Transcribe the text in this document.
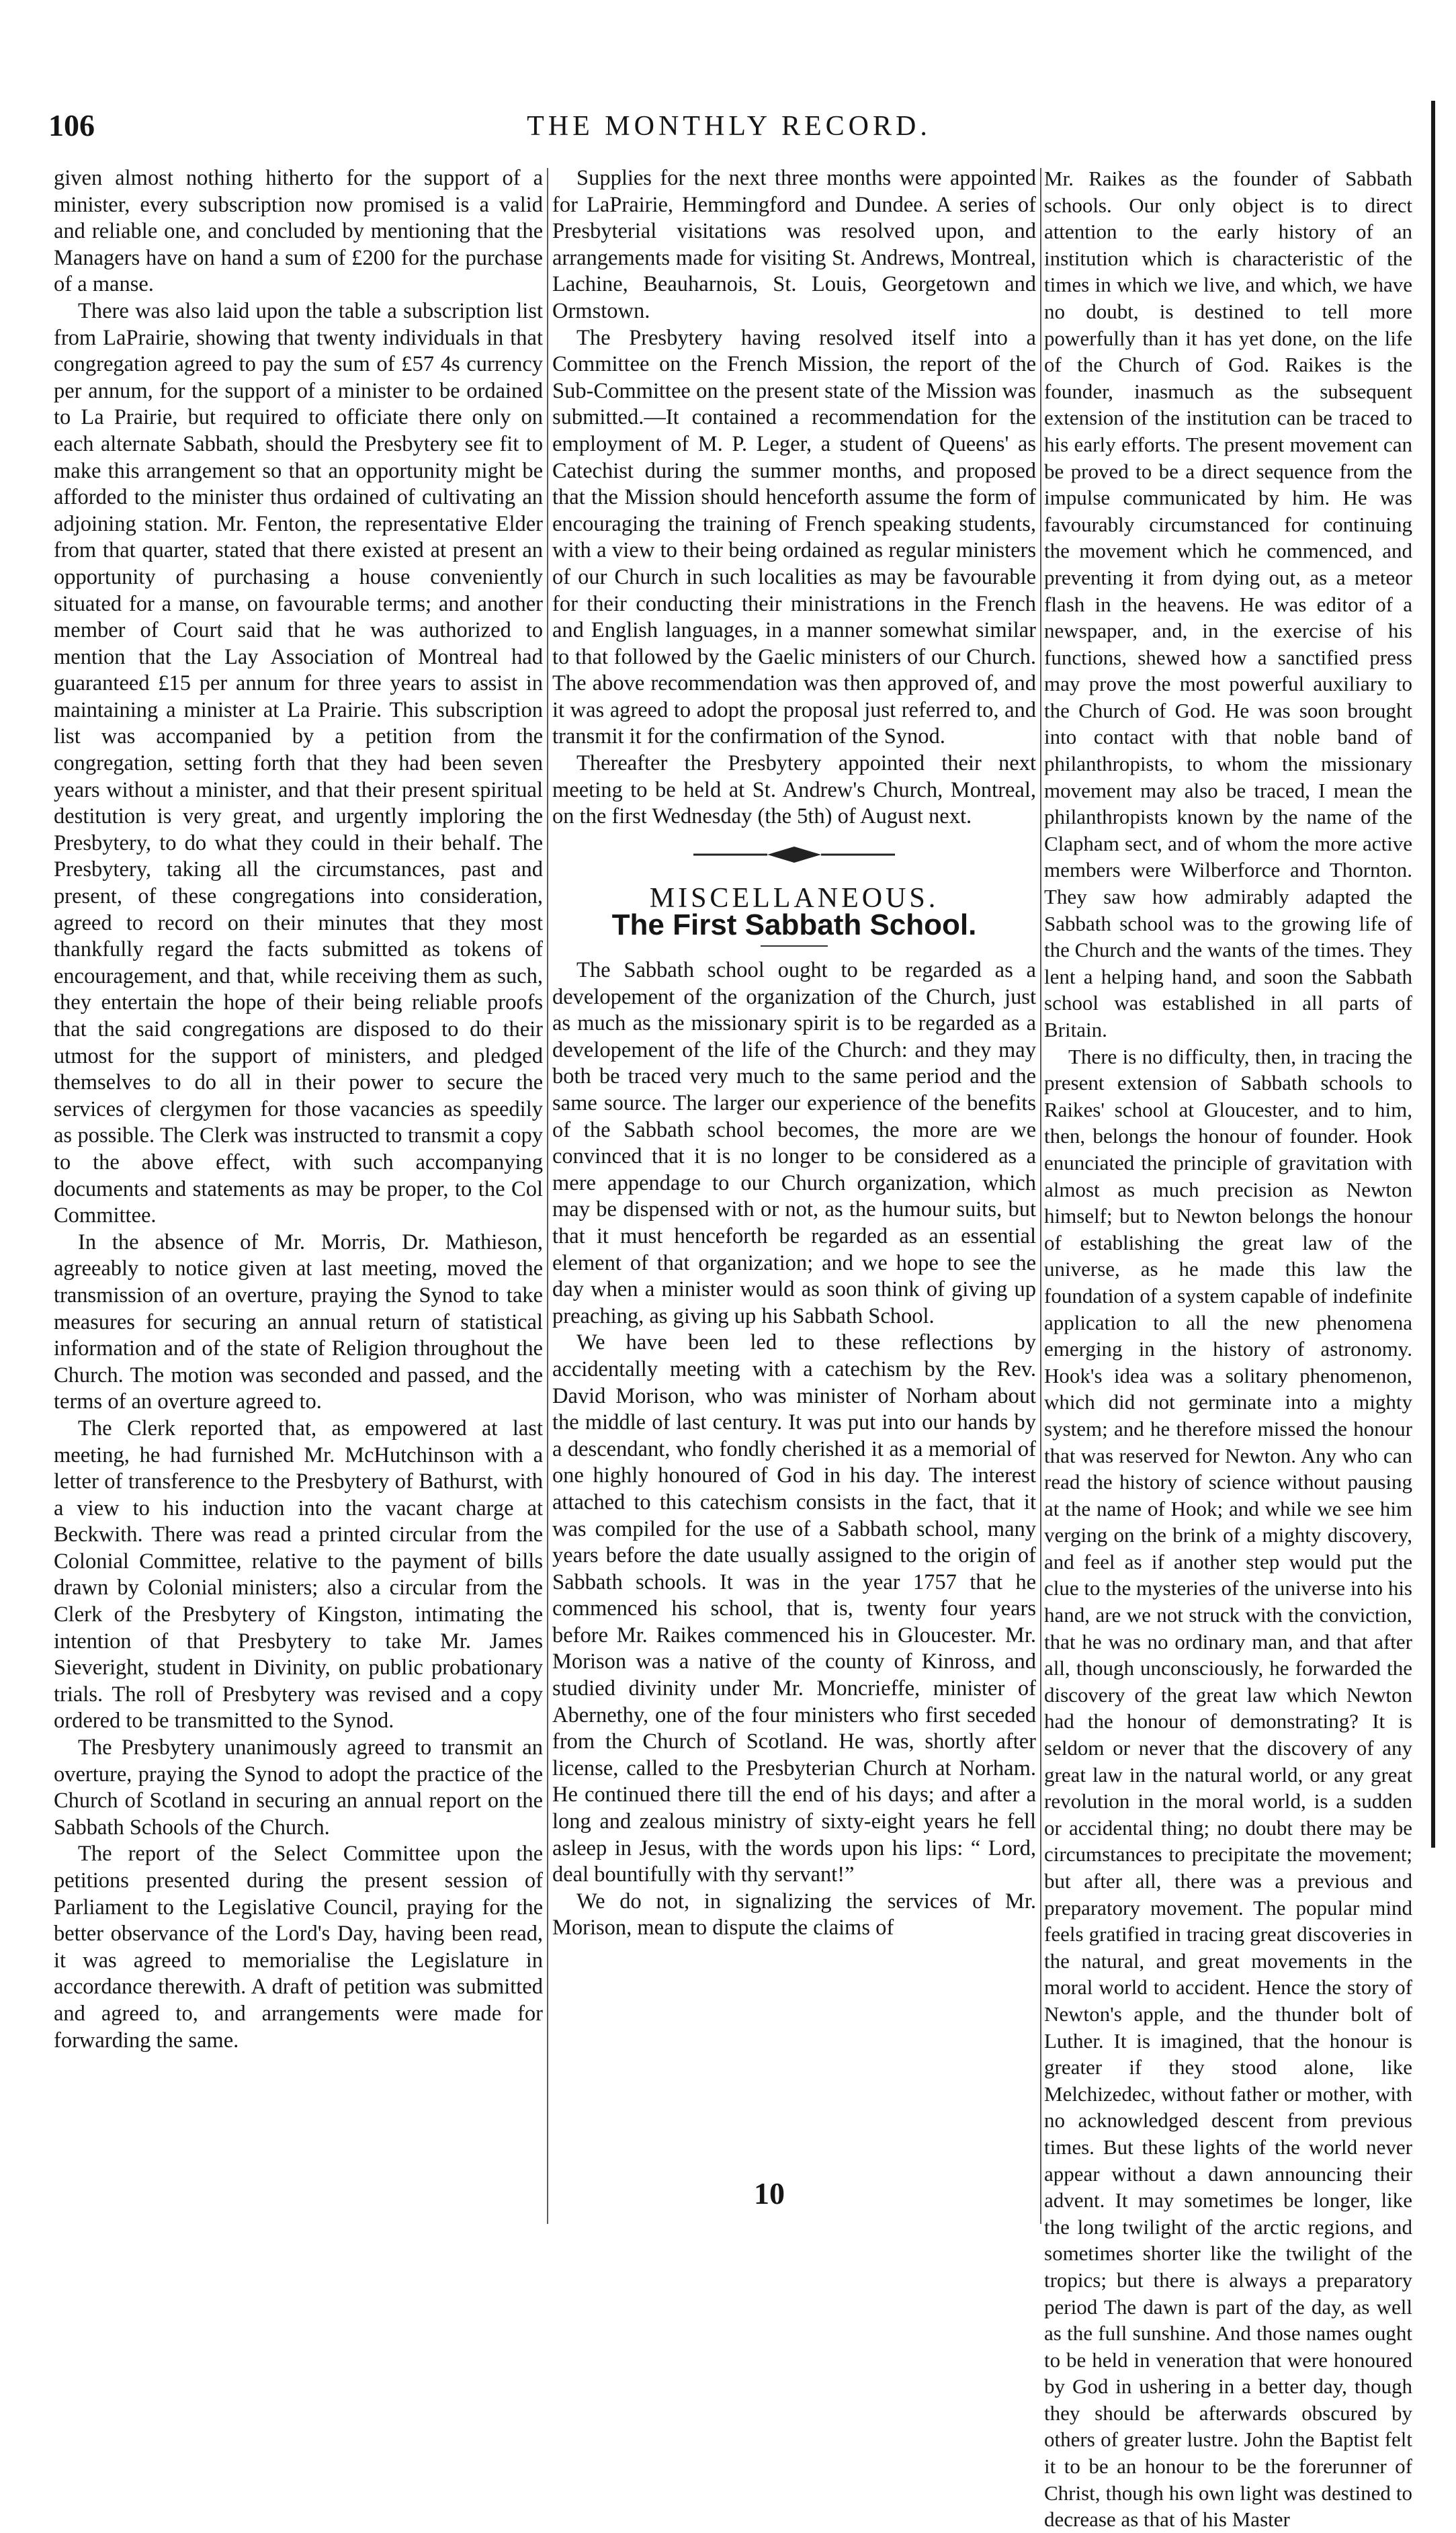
106	THE MONTHLY RECORD.

given almost nothing hitherto for the support of a minister, every subscription now promised is a valid and reliable one, and concluded by mentioning that the Managers have on hand a sum of £200 for the purchase of a manse.

There was also laid upon the table a subscription list from LaPrairie, showing that twenty individuals in that congregation agreed to pay the sum of £57 4s currency per annum, for the support of a minister to be ordained to La Prairie, but required to officiate there only on each alternate Sabbath, should the Presbytery see fit to make this arrangement so that an opportunity might be afforded to the minister thus ordained of cultivating an adjoining station. Mr. Fenton, the representative Elder from that quarter, stated that there existed at present an opportunity of purchasing a house conveniently situated for a manse, on favourable terms; and another member of Court said that he was authorized to mention that the Lay Association of Montreal had guaranteed £15 per annum for three years to assist in maintaining a minister at La Prairie. This subscription list was accompanied by a petition from the congregation, setting forth that they had been seven years without a minister, and that their present spiritual destitution is very great, and urgently imploring the Presbytery, to do what they could in their behalf. The Presbytery, taking all the circumstances, past and present, of these congregations into consideration, agreed to record on their minutes that they most thankfully regard the facts submitted as tokens of encouragement, and that, while receiving them as such, they entertain the hope of their being reliable proofs that the said congregations are disposed to do their utmost for the support of ministers, and pledged themselves to do all in their power to secure the services of clergymen for those vacancies as speedily as possible. The Clerk was instructed to transmit a copy to the above effect, with such accompanying documents and statements as may be proper, to the Col Committee.

In the absence of Mr. Morris, Dr. Mathieson, agreeably to notice given at last meeting, moved the transmission of an overture, praying the Synod to take measures for securing an annual return of statistical information and of the state of Religion throughout the Church. The motion was seconded and passed, and the terms of an overture agreed to.

The Clerk reported that, as empowered at last meeting, he had furnished Mr. McHutchinson with a letter of transference to the Presbytery of Bathurst, with a view to his induction into the vacant charge at Beckwith. There was read a printed circular from the Colonial Committee, relative to the payment of bills drawn by Colonial ministers; also a circular from the Clerk of the Presbytery of Kingston, intimating the intention of that Presbytery to take Mr. James Sieveright, student in Divinity, on public probationary trials. The roll of Presbytery was revised and a copy ordered to be transmitted to the Synod.

The Presbytery unanimously agreed to transmit an overture, praying the Synod to adopt the practice of the Church of Scotland in securing an annual report on the Sabbath Schools of the Church.

The report of the Select Committee upon the petitions presented during the present session of Parliament to the Legislative Council, praying for the better observance of the Lord's Day, having been read, it was agreed to memorialise the Legislature in accordance therewith. A draft of petition was submitted and agreed to, and arrangements were made for forwarding the same.

Supplies for the next three months were appointed for LaPrairie, Hemmingford and Dundee. A series of Presbyterial visitations was resolved upon, and arrangements made for visiting St. Andrews, Montreal, Lachine, Beauharnois, St. Louis, Georgetown and Ormstown.

The Presbytery having resolved itself into a Committee on the French Mission, the report of the Sub-Committee on the present state of the Mission was submitted.—It contained a recommendation for the employment of M. P. Leger, a student of Queens' as Catechist during the summer months, and proposed that the Mission should henceforth assume the form of encouraging the training of French speaking students, with a view to their being ordained as regular ministers of our Church in such localities as may be favourable for their conducting their ministrations in the French and English languages, in a manner somewhat similar to that followed by the Gaelic ministers of our Church. The above recommendation was then approved of, and it was agreed to adopt the proposal just referred to, and transmit it for the confirmation of the Synod.

Thereafter the Presbytery appointed their next meeting to be held at St. Andrew's Church, Montreal, on the first Wednesday (the 5th) of August next.

MISCELLANEOUS.

The First Sabbath School.

The Sabbath school ought to be regarded as a developement of the organization of the Church, just as much as the missionary spirit is to be regarded as a developement of the life of the Church: and they may both be traced very much to the same period and the same source. The larger our experience of the benefits of the Sabbath school becomes, the more are we convinced that it is no longer to be considered as a mere appendage to our Church organization, which may be dispensed with or not, as the humour suits, but that it must henceforth be regarded as an essential element of that organization; and we hope to see the day when a minister would as soon think of giving up preaching, as giving up his Sabbath School.

We have been led to these reflections by accidentally meeting with a catechism by the Rev. David Morison, who was minister of Norham about the middle of last century. It was put into our hands by a descendant, who fondly cherished it as a memorial of one highly honoured of God in his day. The interest attached to this catechism consists in the fact, that it was compiled for the use of a Sabbath school, many years before the date usually assigned to the origin of Sabbath schools. It was in the year 1757 that he commenced his school, that is, twenty four years before Mr. Raikes commenced his in Gloucester. Mr. Morison was a native of the county of Kinross, and studied divinity under Mr. Moncrieffe, minister of Abernethy, one of the four ministers who first seceded from the Church of Scotland. He was, shortly after license, called to the Presbyterian Church at Norham. He continued there till the end of his days; and after a long and zealous ministry of sixty-eight years he fell asleep in Jesus, with the words upon his lips: “ Lord, deal bountifully with thy servant!”

We do not, in signalizing the services of Mr. Morison, mean to dispute the claims of

Mr. Raikes as the founder of Sabbath schools. Our only object is to direct attention to the early history of an institution which is characteristic of the times in which we live, and which, we have no doubt, is destined to tell more powerfully than it has yet done, on the life of the Church of God. Raikes is the founder, inasmuch as the subsequent extension of the institution can be traced to his early efforts. The present movement can be proved to be a direct sequence from the impulse communicated by him. He was favourably circumstanced for continuing the movement which he commenced, and preventing it from dying out, as a meteor flash in the heavens. He was editor of a newspaper, and, in the exercise of his functions, shewed how a sanctified press may prove the most powerful auxiliary to the Church of God. He was soon brought into contact with that noble band of philanthropists, to whom the missionary movement may also be traced, I mean the philanthropists known by the name of the Clapham sect, and of whom the more active members were Wilberforce and Thornton. They saw how admirably adapted the Sabbath school was to the growing life of the Church and the wants of the times. They lent a helping hand, and soon the Sabbath school was established in all parts of Britain.

There is no difficulty, then, in tracing the present extension of Sabbath schools to Raikes' school at Gloucester, and to him, then, belongs the honour of founder. Hook enunciated the principle of gravitation with almost as much precision as Newton himself; but to Newton belongs the honour of establishing the great law of the universe, as he made this law the foundation of a system capable of indefinite application to all the new phenomena emerging in the history of astronomy. Hook's idea was a solitary phenomenon, which did not germinate into a mighty system; and he therefore missed the honour that was reserved for Newton. Any who can read the history of science without pausing at the name of Hook; and while we see him verging on the brink of a mighty discovery, and feel as if another step would put the clue to the mysteries of the universe into his hand, are we not struck with the conviction, that he was no ordinary man, and that after all, though unconsciously, he forwarded the discovery of the great law which Newton had the honour of demonstrating? It is seldom or never that the discovery of any great law in the natural world, or any great revolution in the moral world, is a sudden or accidental thing; no doubt there may be circumstances to precipitate the movement; but after all, there was a previous and preparatory movement. The popular mind feels gratified in tracing great discoveries in the natural, and great movements in the moral world to accident. Hence the story of Newton's apple, and the thunder bolt of Luther. It is imagined, that the honour is greater if they stood alone, like Melchizedec, without father or mother, with no acknowledged descent from previous times. But these lights of the world never appear without a dawn announcing their advent. It may sometimes be longer, like the long twilight of the arctic regions, and sometimes shorter like the twilight of the tropics; but there is always a preparatory period The dawn is part of the day, as well as the full sunshine. And those names ought to be held in veneration that were honoured by God in ushering in a better day, though they should be afterwards obscured by others of greater lustre. John the Baptist felt it to be an honour to be the forerunner of Christ, though his own light was destined to decrease as that of his Master

10
